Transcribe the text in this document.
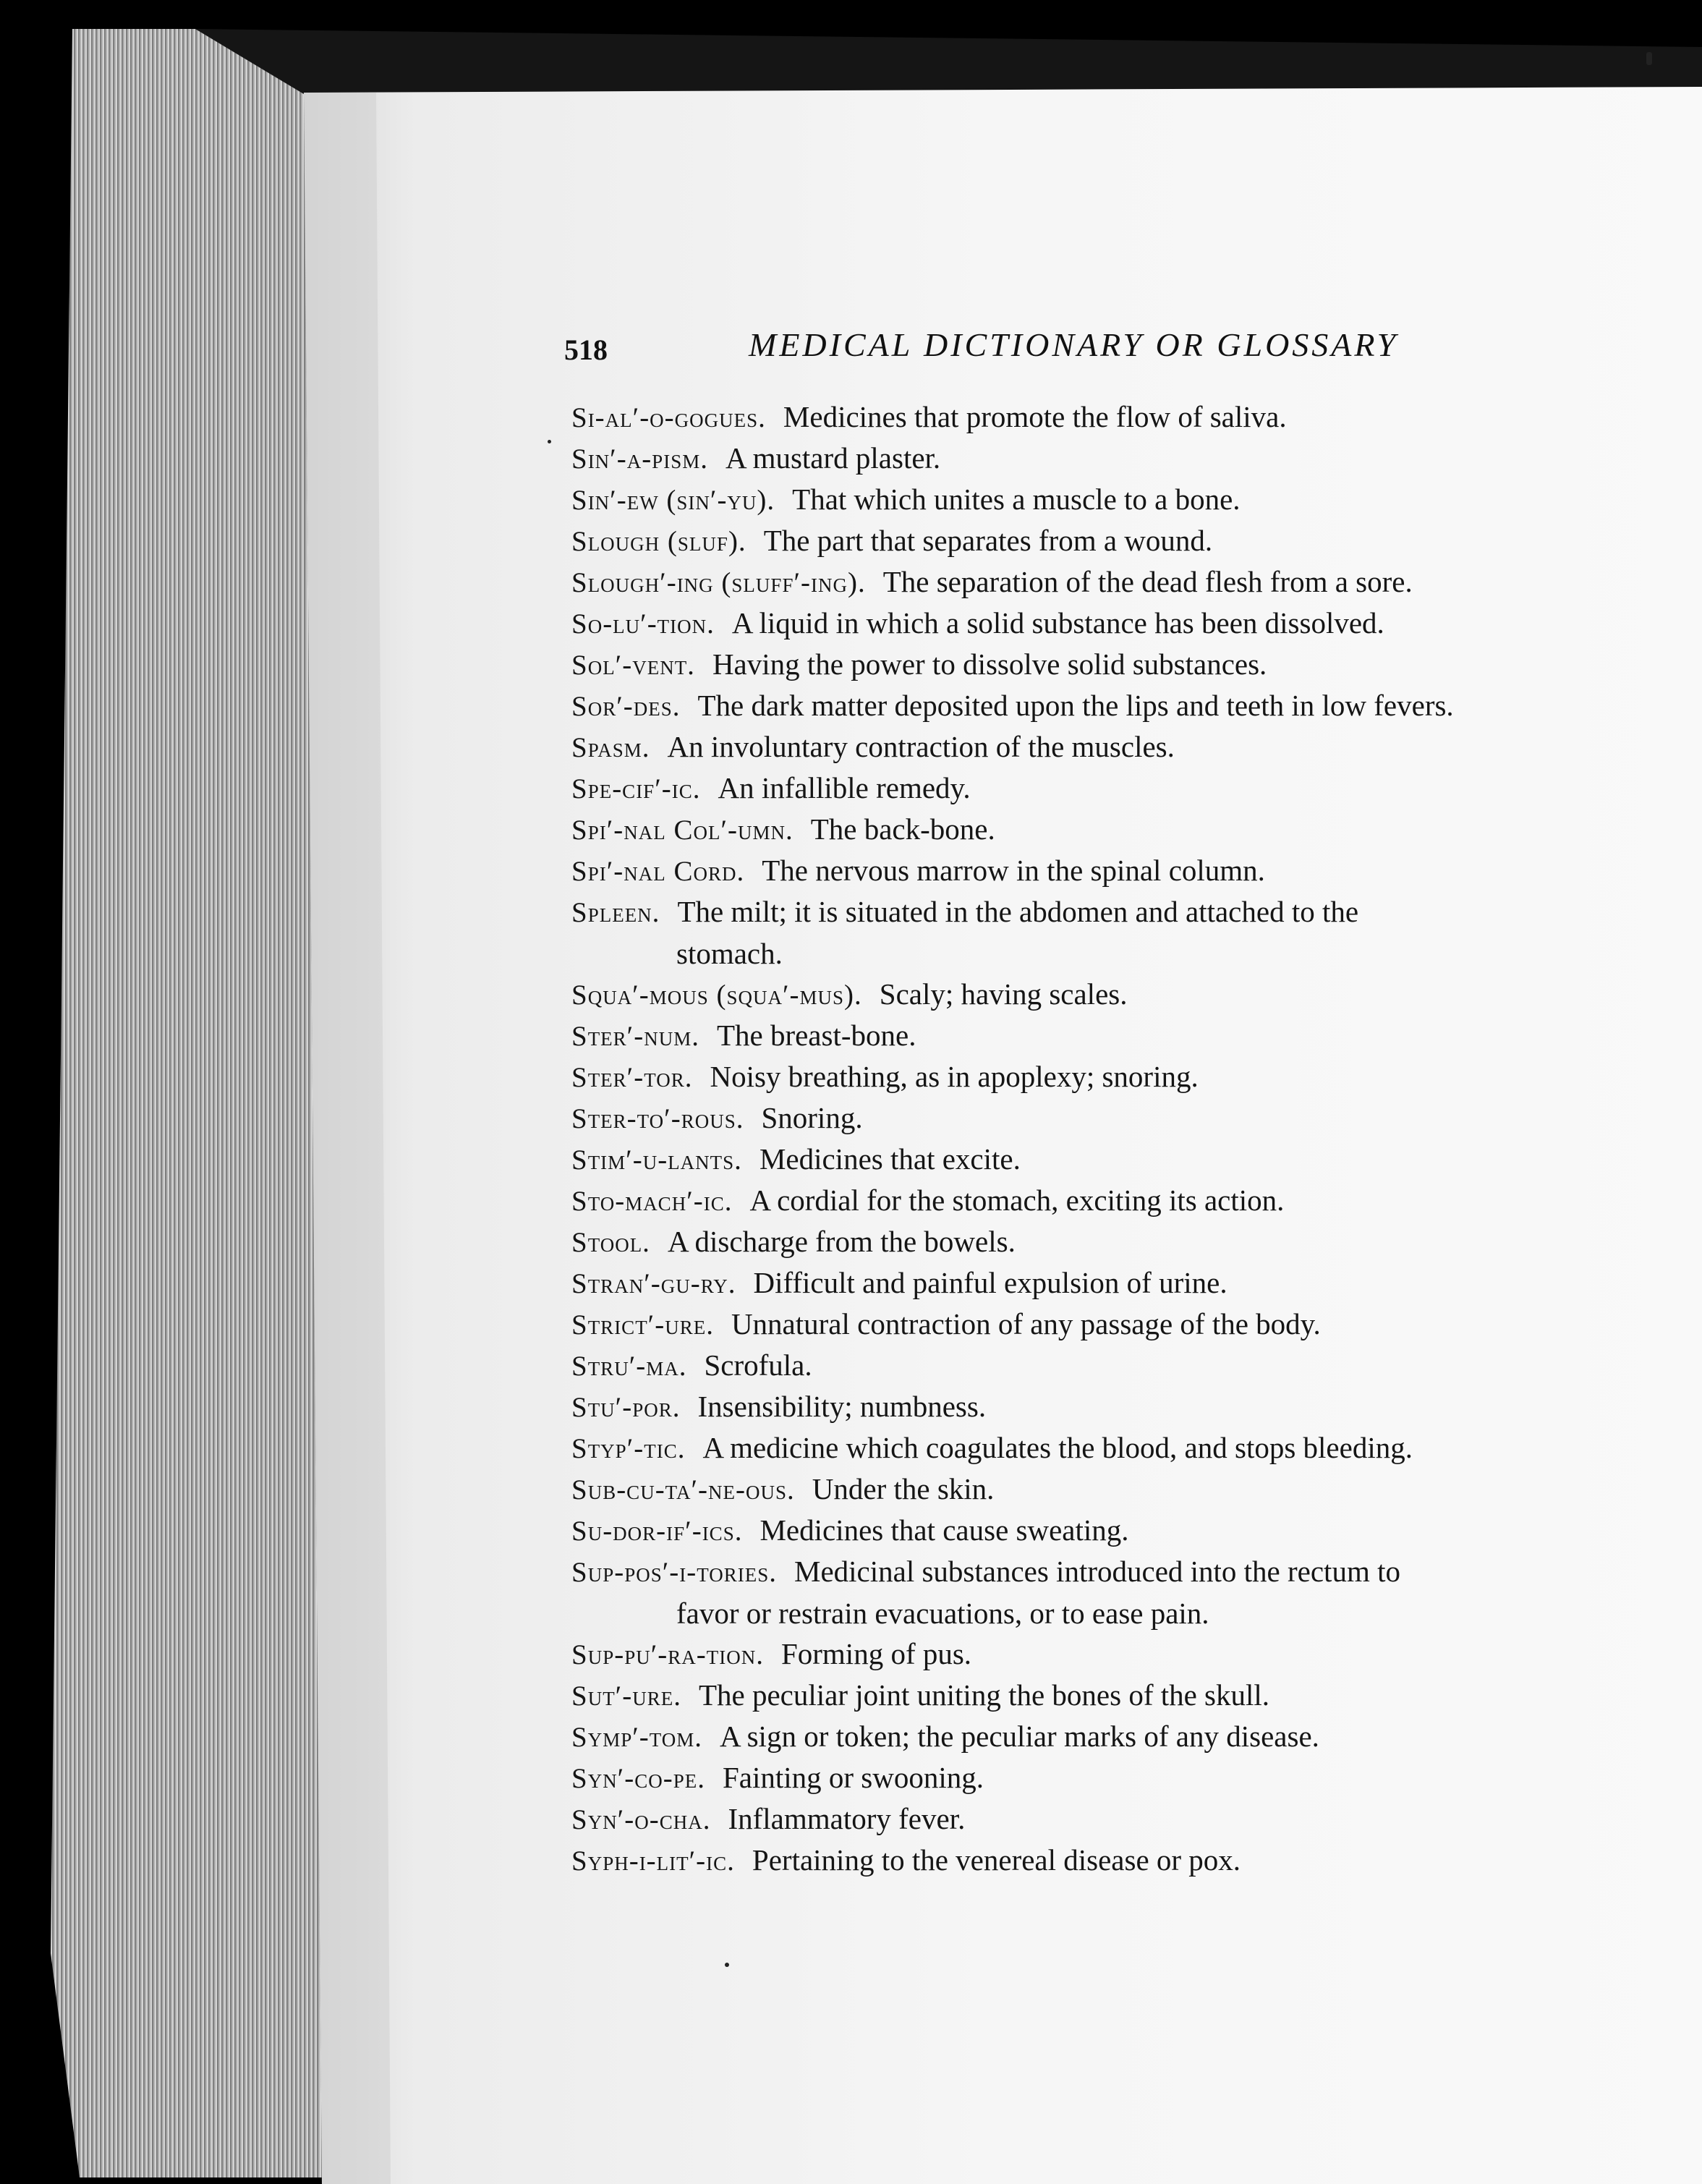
518	MEDICAL DICTIONARY OR GLOSSARY
Si-al′-o-gogues. Medicines that promote the flow of saliva.
Sin′-a-pism. A mustard plaster.
Sin′-ew (sin′-yu). That which unites a muscle to a bone.
Slough (sluf). The part that separates from a wound.
Slough′-ing (sluff′-ing). The separation of the dead flesh from a sore.
So-lu′-tion. A liquid in which a solid substance has been dissolved.
Sol′-vent. Having the power to dissolve solid substances.
Sor′-des. The dark matter deposited upon the lips and teeth in low fevers.
Spasm. An involuntary contraction of the muscles.
Spe-cif′-ic. An infallible remedy.
Spi′-nal Col′-umn. The back-bone.
Spi′-nal Cord. The nervous marrow in the spinal column.
Spleen. The milt; it is situated in the abdomen and attached to the
stomach.
Squa′-mous (squa′-mus). Scaly; having scales.
Ster′-num. The breast-bone.
Ster′-tor. Noisy breathing, as in apoplexy; snoring.
Ster-to′-rous. Snoring.
Stim′-u-lants. Medicines that excite.
Sto-mach′-ic. A cordial for the stomach, exciting its action.
Stool. A discharge from the bowels.
Stran′-gu-ry. Difficult and painful expulsion of urine.
Strict′-ure. Unnatural contraction of any passage of the body.
Stru′-ma. Scrofula.
Stu′-por. Insensibility; numbness.
Styp′-tic. A medicine which coagulates the blood, and stops bleeding.
Sub-cu-ta′-ne-ous. Under the skin.
Su-dor-if′-ics. Medicines that cause sweating.
Sup-pos′-i-tories. Medicinal substances introduced into the rectum to
favor or restrain evacuations, or to ease pain.
Sup-pu′-ra-tion. Forming of pus.
Sut′-ure. The peculiar joint uniting the bones of the skull.
Symp′-tom. A sign or token; the peculiar marks of any disease.
Syn′-co-pe. Fainting or swooning.
Syn′-o-cha. Inflammatory fever.
Syph-i-lit′-ic. Pertaining to the venereal disease or pox.
